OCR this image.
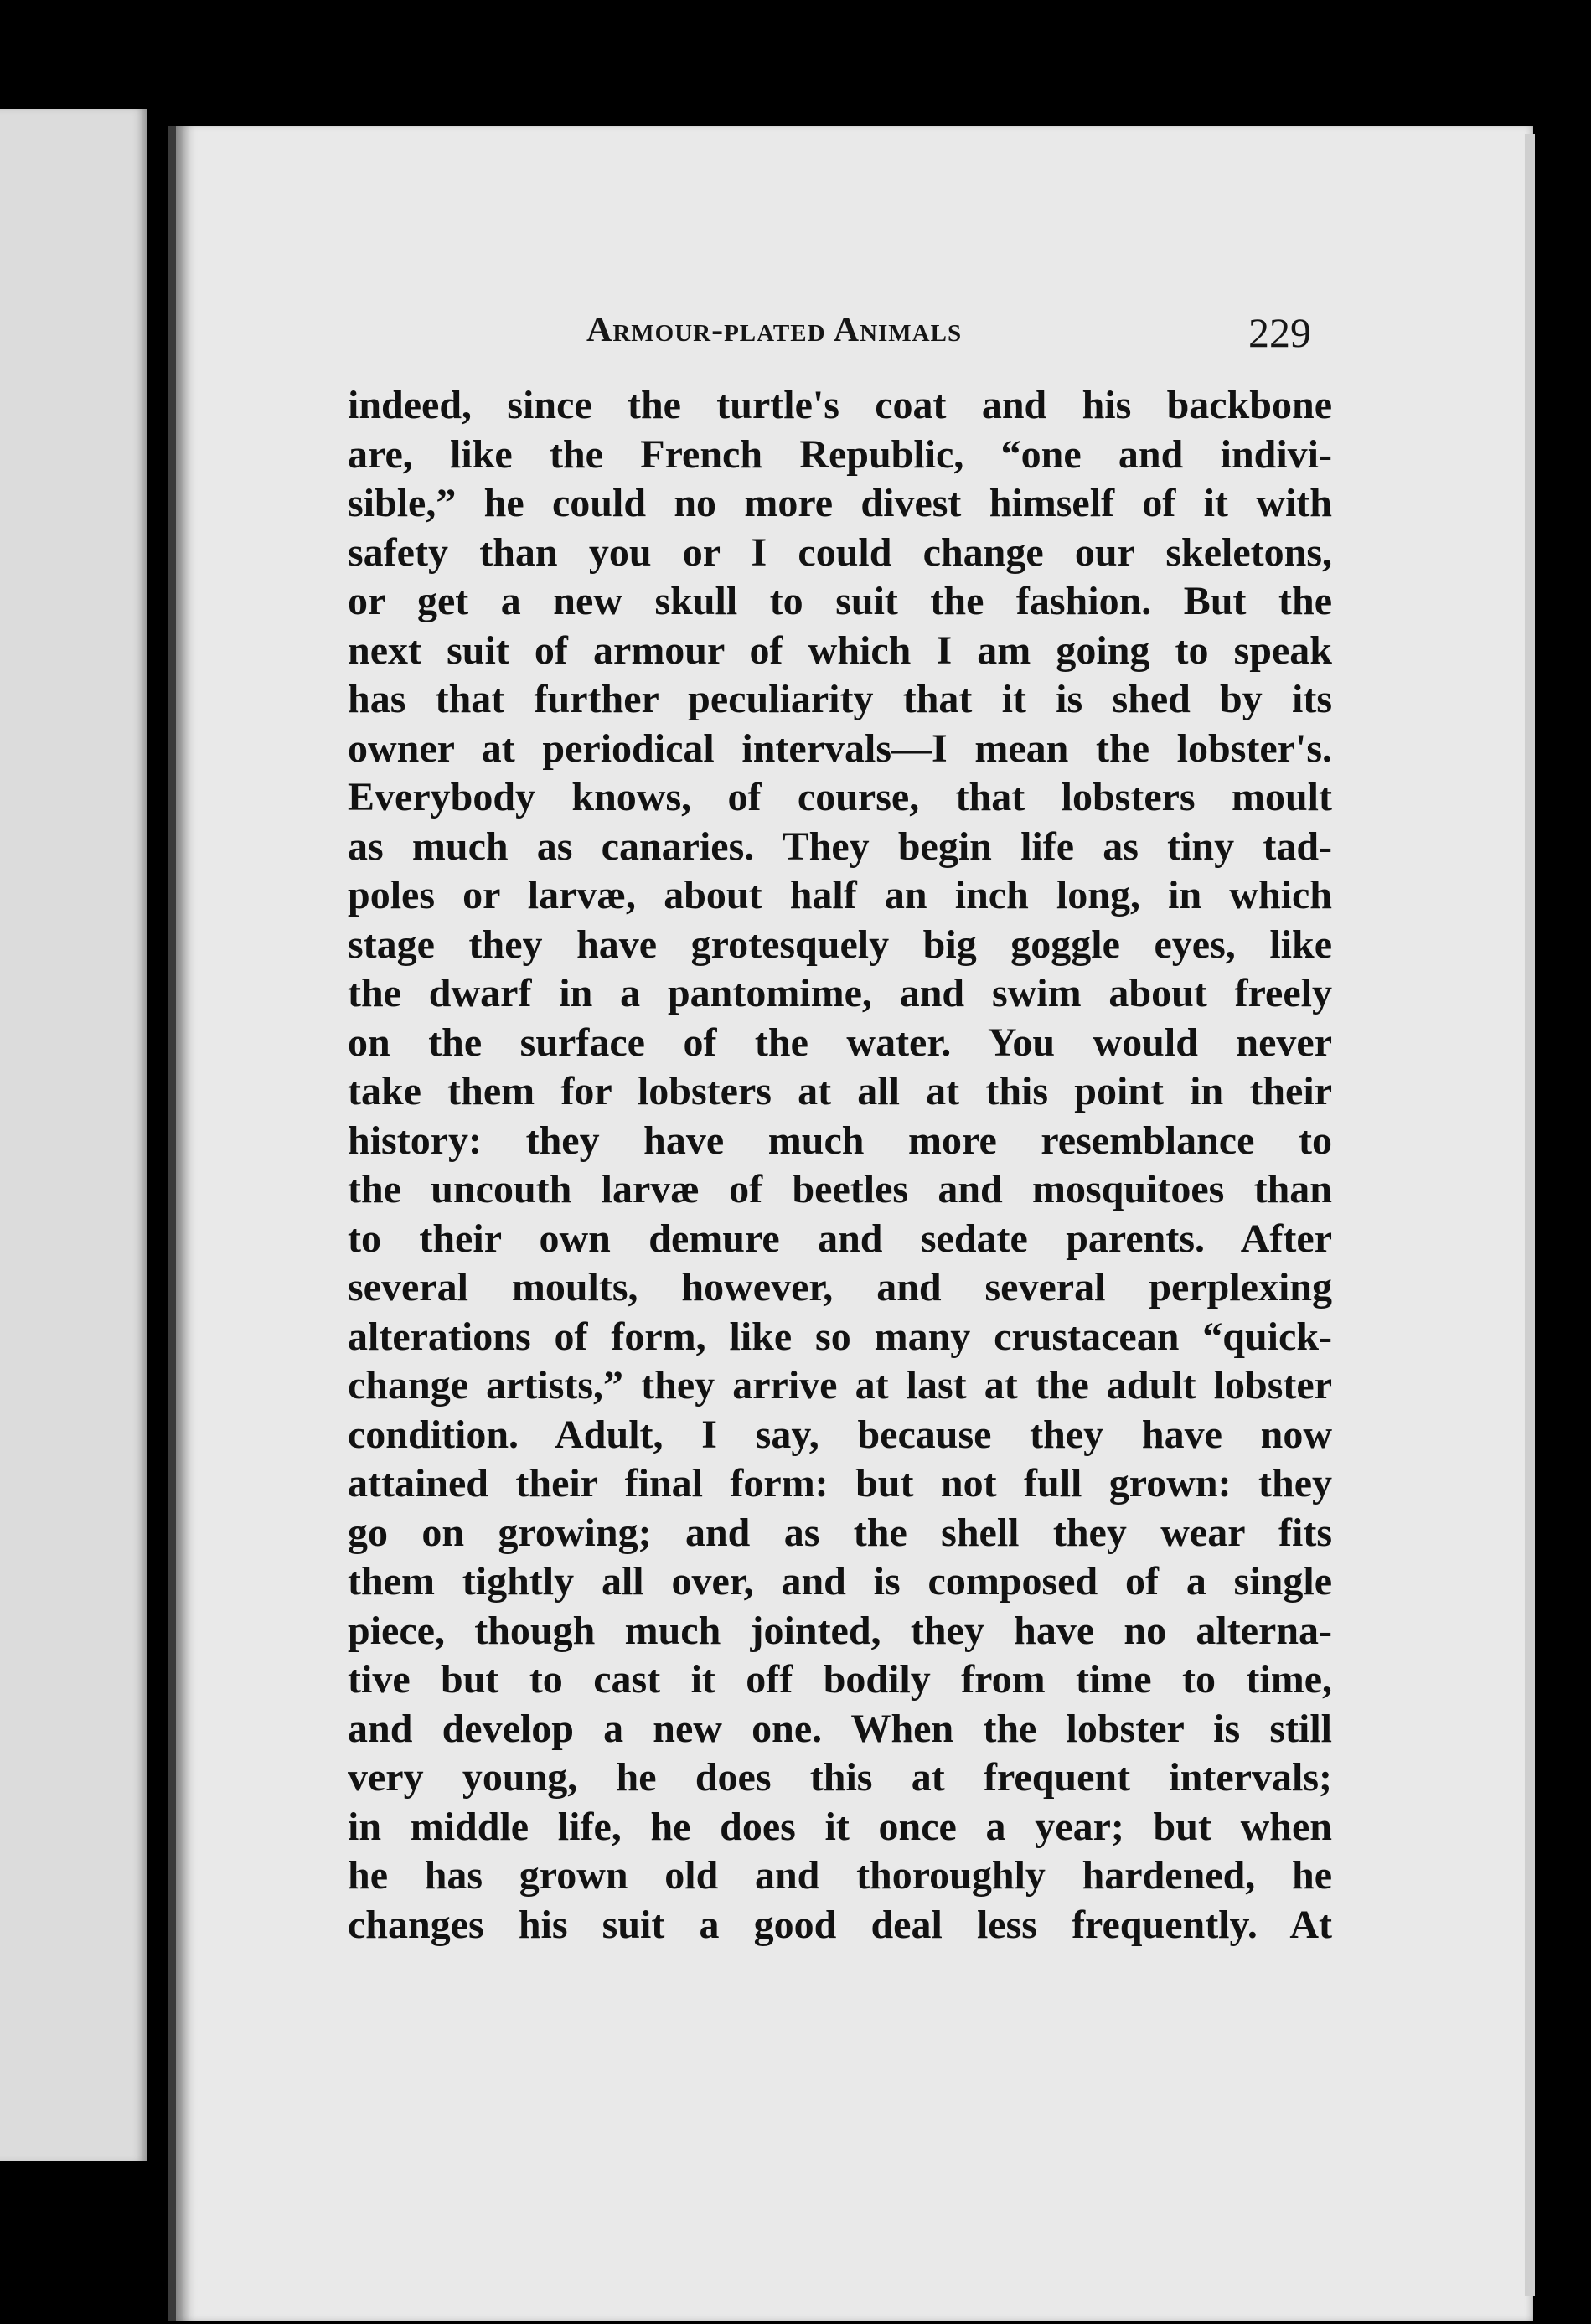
Armour-plated Animals	229
indeed, since the turtle's coat and his backbone
are, like the French Republic, “one and indivi-
sible,” he could no more divest himself of it with
safety than you or I could change our skeletons,
or get a new skull to suit the fashion. But the
next suit of armour of which I am going to speak
has that further peculiarity that it is shed by its
owner at periodical intervals—I mean the lobster's.
Everybody knows, of course, that lobsters moult
as much as canaries. They begin life as tiny tad-
poles or larvæ, about half an inch long, in which
stage they have grotesquely big goggle eyes, like
the dwarf in a pantomime, and swim about freely
on the surface of the water. You would never
take them for lobsters at all at this point in their
history: they have much more resemblance to
the uncouth larvæ of beetles and mosquitoes than
to their own demure and sedate parents. After
several moults, however, and several perplexing
alterations of form, like so many crustacean “quick-
change artists,” they arrive at last at the adult lobster
condition. Adult, I say, because they have now
attained their final form: but not full grown: they
go on growing; and as the shell they wear fits
them tightly all over, and is composed of a single
piece, though much jointed, they have no alterna-
tive but to cast it off bodily from time to time,
and develop a new one. When the lobster is still
very young, he does this at frequent intervals;
in middle life, he does it once a year; but when
he has grown old and thoroughly hardened, he
changes his suit a good deal less frequently. At
